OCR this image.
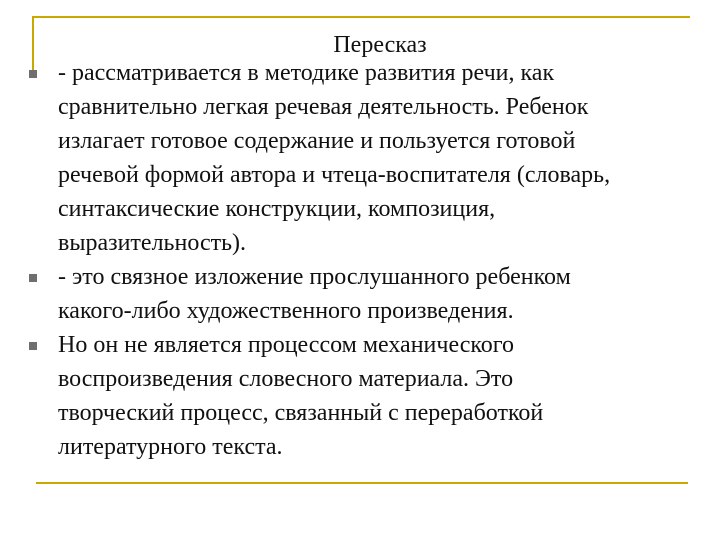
Пересказ
- рассматривается в методике развития речи, как
сравнительно легкая речевая деятельность. Ребенок
излагает готовое содержание и пользуется готовой
речевой формой автора и чтеца-воспитателя (словарь,
синтаксические конструкции, композиция,
выразительность).
- это связное изложение прослушанного ребенком
какого-либо художественного произведения.
Но он не является процессом механического
воспроизведения словесного материала. Это
творческий процесс, связанный с переработкой
литературного текста.
